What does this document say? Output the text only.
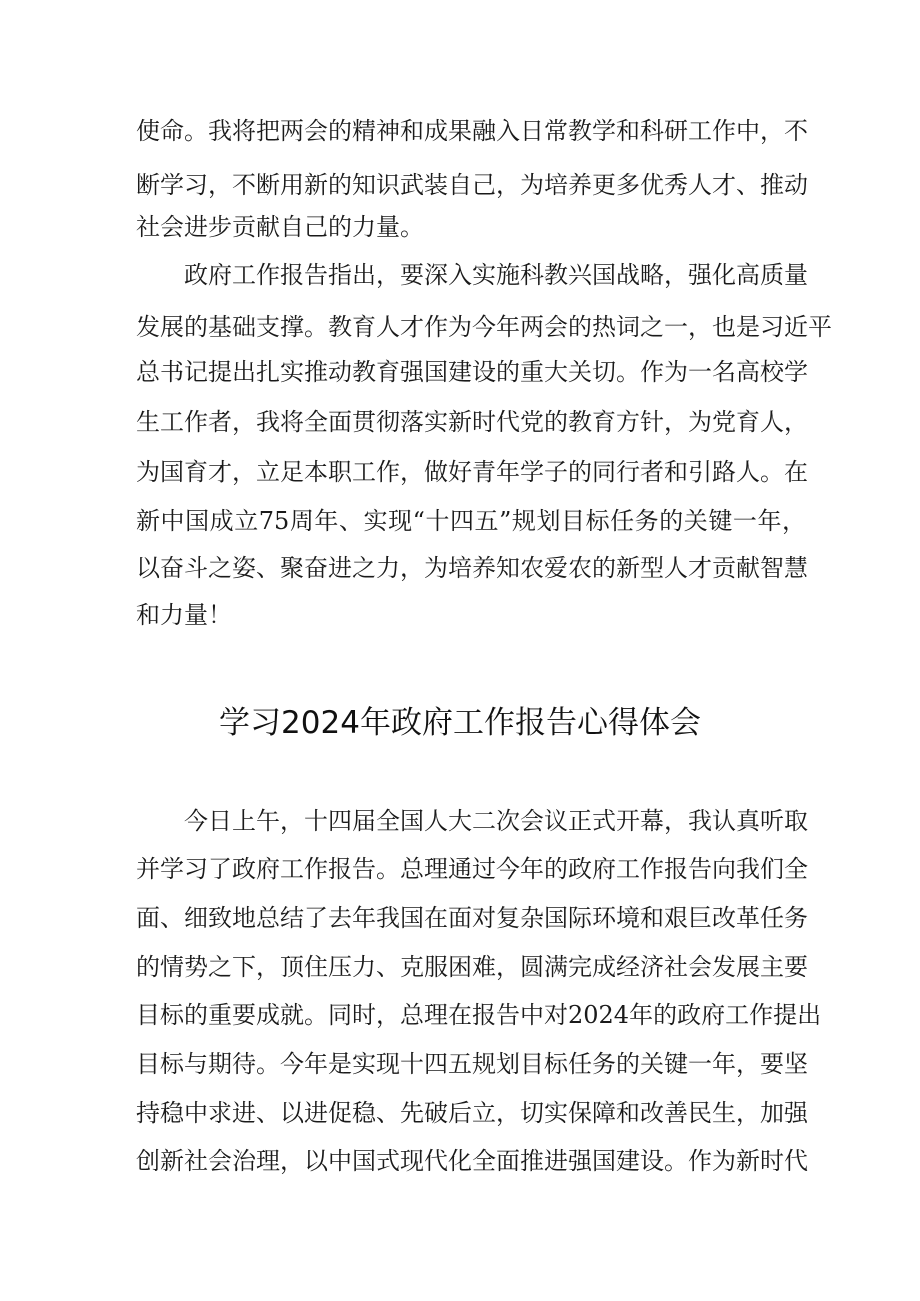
使命。我将把两会的精神和成果融入日常教学和科研工作中，不
断学习，不断用新的知识武装自己，为培养更多优秀人才、推动
社会进步贡献自己的力量。
政府工作报告指出，要深入实施科教兴国战略，强化高质量
发展的基础支撑。教育人才作为今年两会的热词之一，也是习近平
总书记提出扎实推动教育强国建设的重大关切。作为一名高校学
生工作者，我将全面贯彻落实新时代党的教育方针，为党育人，
为国育才，立足本职工作，做好青年学子的同行者和引路人。在
新中国成立75周年、实现“十四五”规划目标任务的关键一年，
以奋斗之姿、聚奋进之力，为培养知农爱农的新型人才贡献智慧
和力量！
学习2024年政府工作报告心得体会
今日上午，十四届全国人大二次会议正式开幕，我认真听取
并学习了政府工作报告。总理通过今年的政府工作报告向我们全
面、细致地总结了去年我国在面对复杂国际环境和艰巨改革任务
的情势之下，顶住压力、克服困难，圆满完成经济社会发展主要
目标的重要成就。同时，总理在报告中对2024年的政府工作提出
目标与期待。今年是实现十四五规划目标任务的关键一年，要坚
持稳中求进、以进促稳、先破后立，切实保障和改善民生，加强
创新社会治理，以中国式现代化全面推进强国建设。作为新时代
